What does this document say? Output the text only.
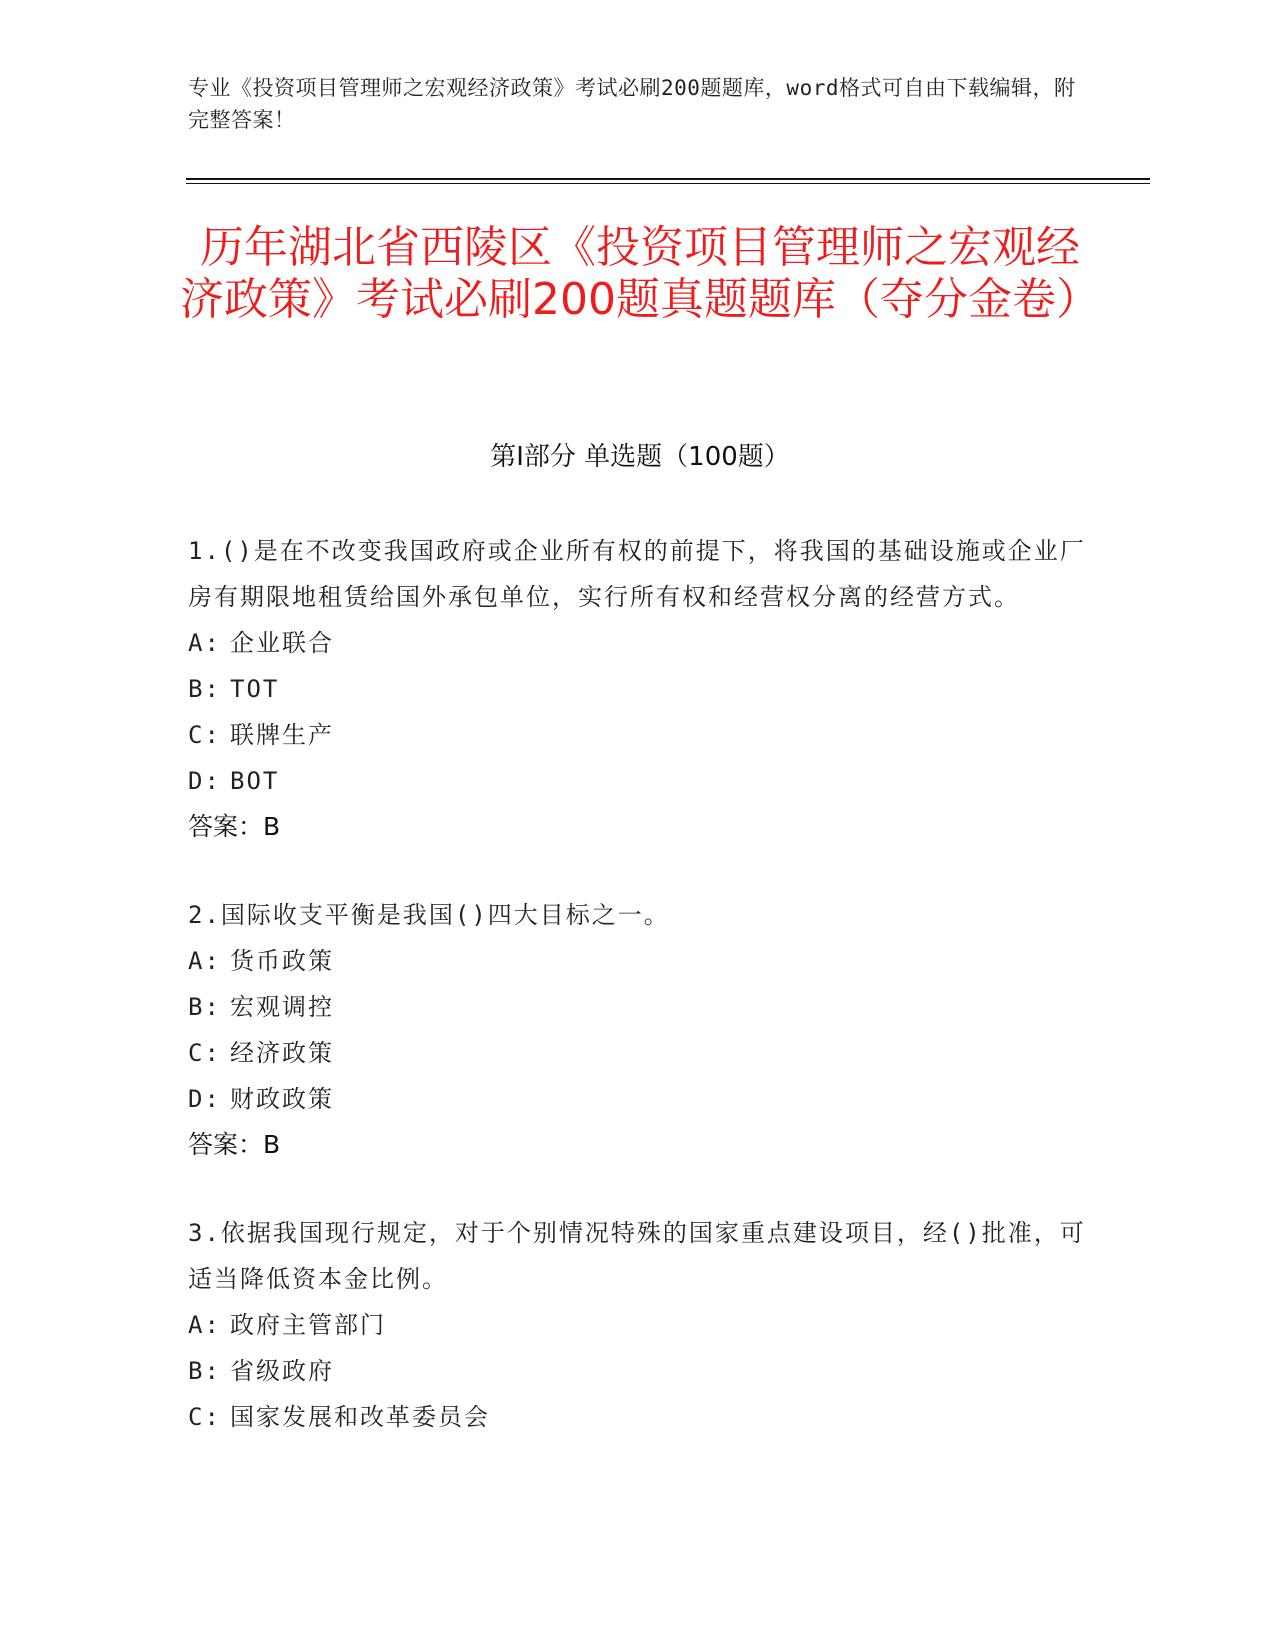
专业《投资项目管理师之宏观经济政策》考试必刷200题题库，word格式可自由下载编辑，附完整答案！
历年湖北省西陵区《投资项目管理师之宏观经济政策》考试必刷200题真题题库（夺分金卷）
第Ⅰ部分 单选题（100题）
1.()是在不改变我国政府或企业所有权的前提下，将我国的基础设施或企业厂房有期限地租赁给国外承包单位，实行所有权和经营权分离的经营方式。
A: 企业联合
B: TOT
C: 联牌生产
D: BOT
答案：B
2.国际收支平衡是我国()四大目标之一。
A: 货币政策
B: 宏观调控
C: 经济政策
D: 财政政策
答案：B
3.依据我国现行规定，对于个别情况特殊的国家重点建设项目，经()批准，可适当降低资本金比例。
A: 政府主管部门
B: 省级政府
C: 国家发展和改革委员会
